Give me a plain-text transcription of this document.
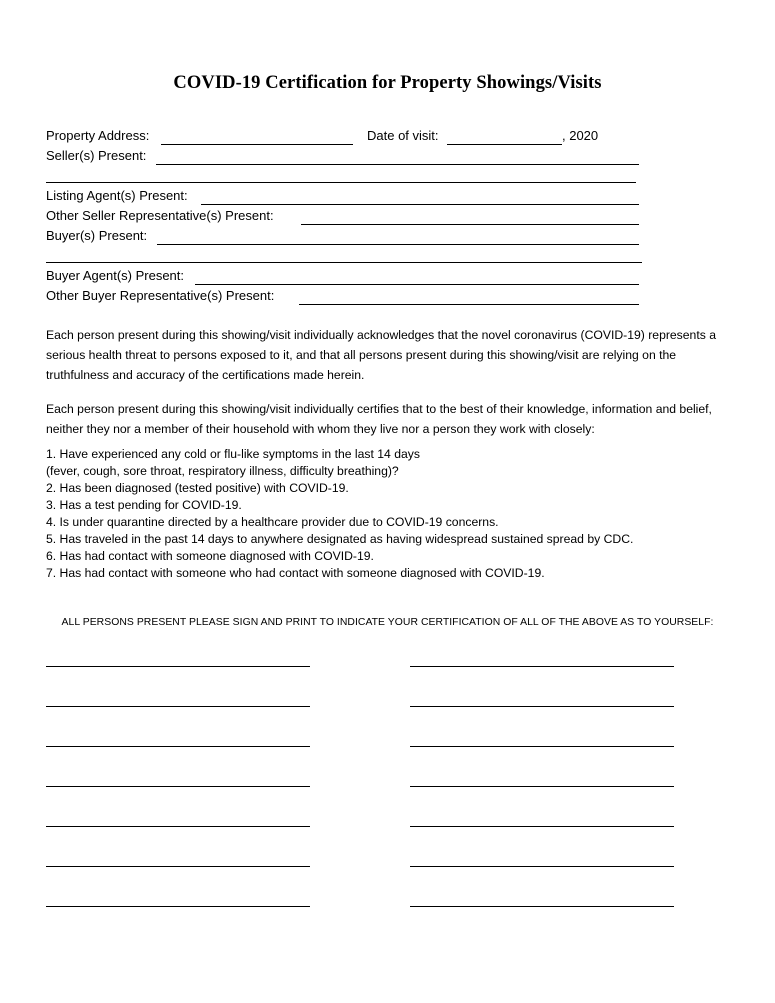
COVID-19 Certification for Property Showings/Visits
Property Address:	Date of visit:	, 2020
Seller(s) Present:
Listing Agent(s) Present:
Other Seller Representative(s) Present:
Buyer(s) Present:
Buyer Agent(s) Present:
Other Buyer Representative(s) Present:
Each person present during this showing/visit individually acknowledges that the novel coronavirus (COVID-19) represents a serious health threat to persons exposed to it, and that all persons present during this showing/visit are relying on the truthfulness and accuracy of the certifications made herein.
Each person present during this showing/visit individually certifies that to the best of their knowledge, information and belief, neither they nor a member of their household with whom they live nor a person they work with closely:
1. Have experienced any cold or flu-like symptoms in the last 14 days
(fever, cough, sore throat, respiratory illness, difficulty breathing)?
2. Has been diagnosed (tested positive) with COVID-19.
3. Has a test pending for COVID-19.
4. Is under quarantine directed by a healthcare provider due to COVID-19 concerns.
5. Has traveled in the past 14 days to anywhere designated as having widespread sustained spread by CDC.
6. Has had contact with someone diagnosed with COVID-19.
7. Has had contact with someone who had contact with someone diagnosed with COVID-19.
ALL PERSONS PRESENT PLEASE SIGN AND PRINT TO INDICATE YOUR CERTIFICATION OF ALL OF THE ABOVE AS TO YOURSELF:
